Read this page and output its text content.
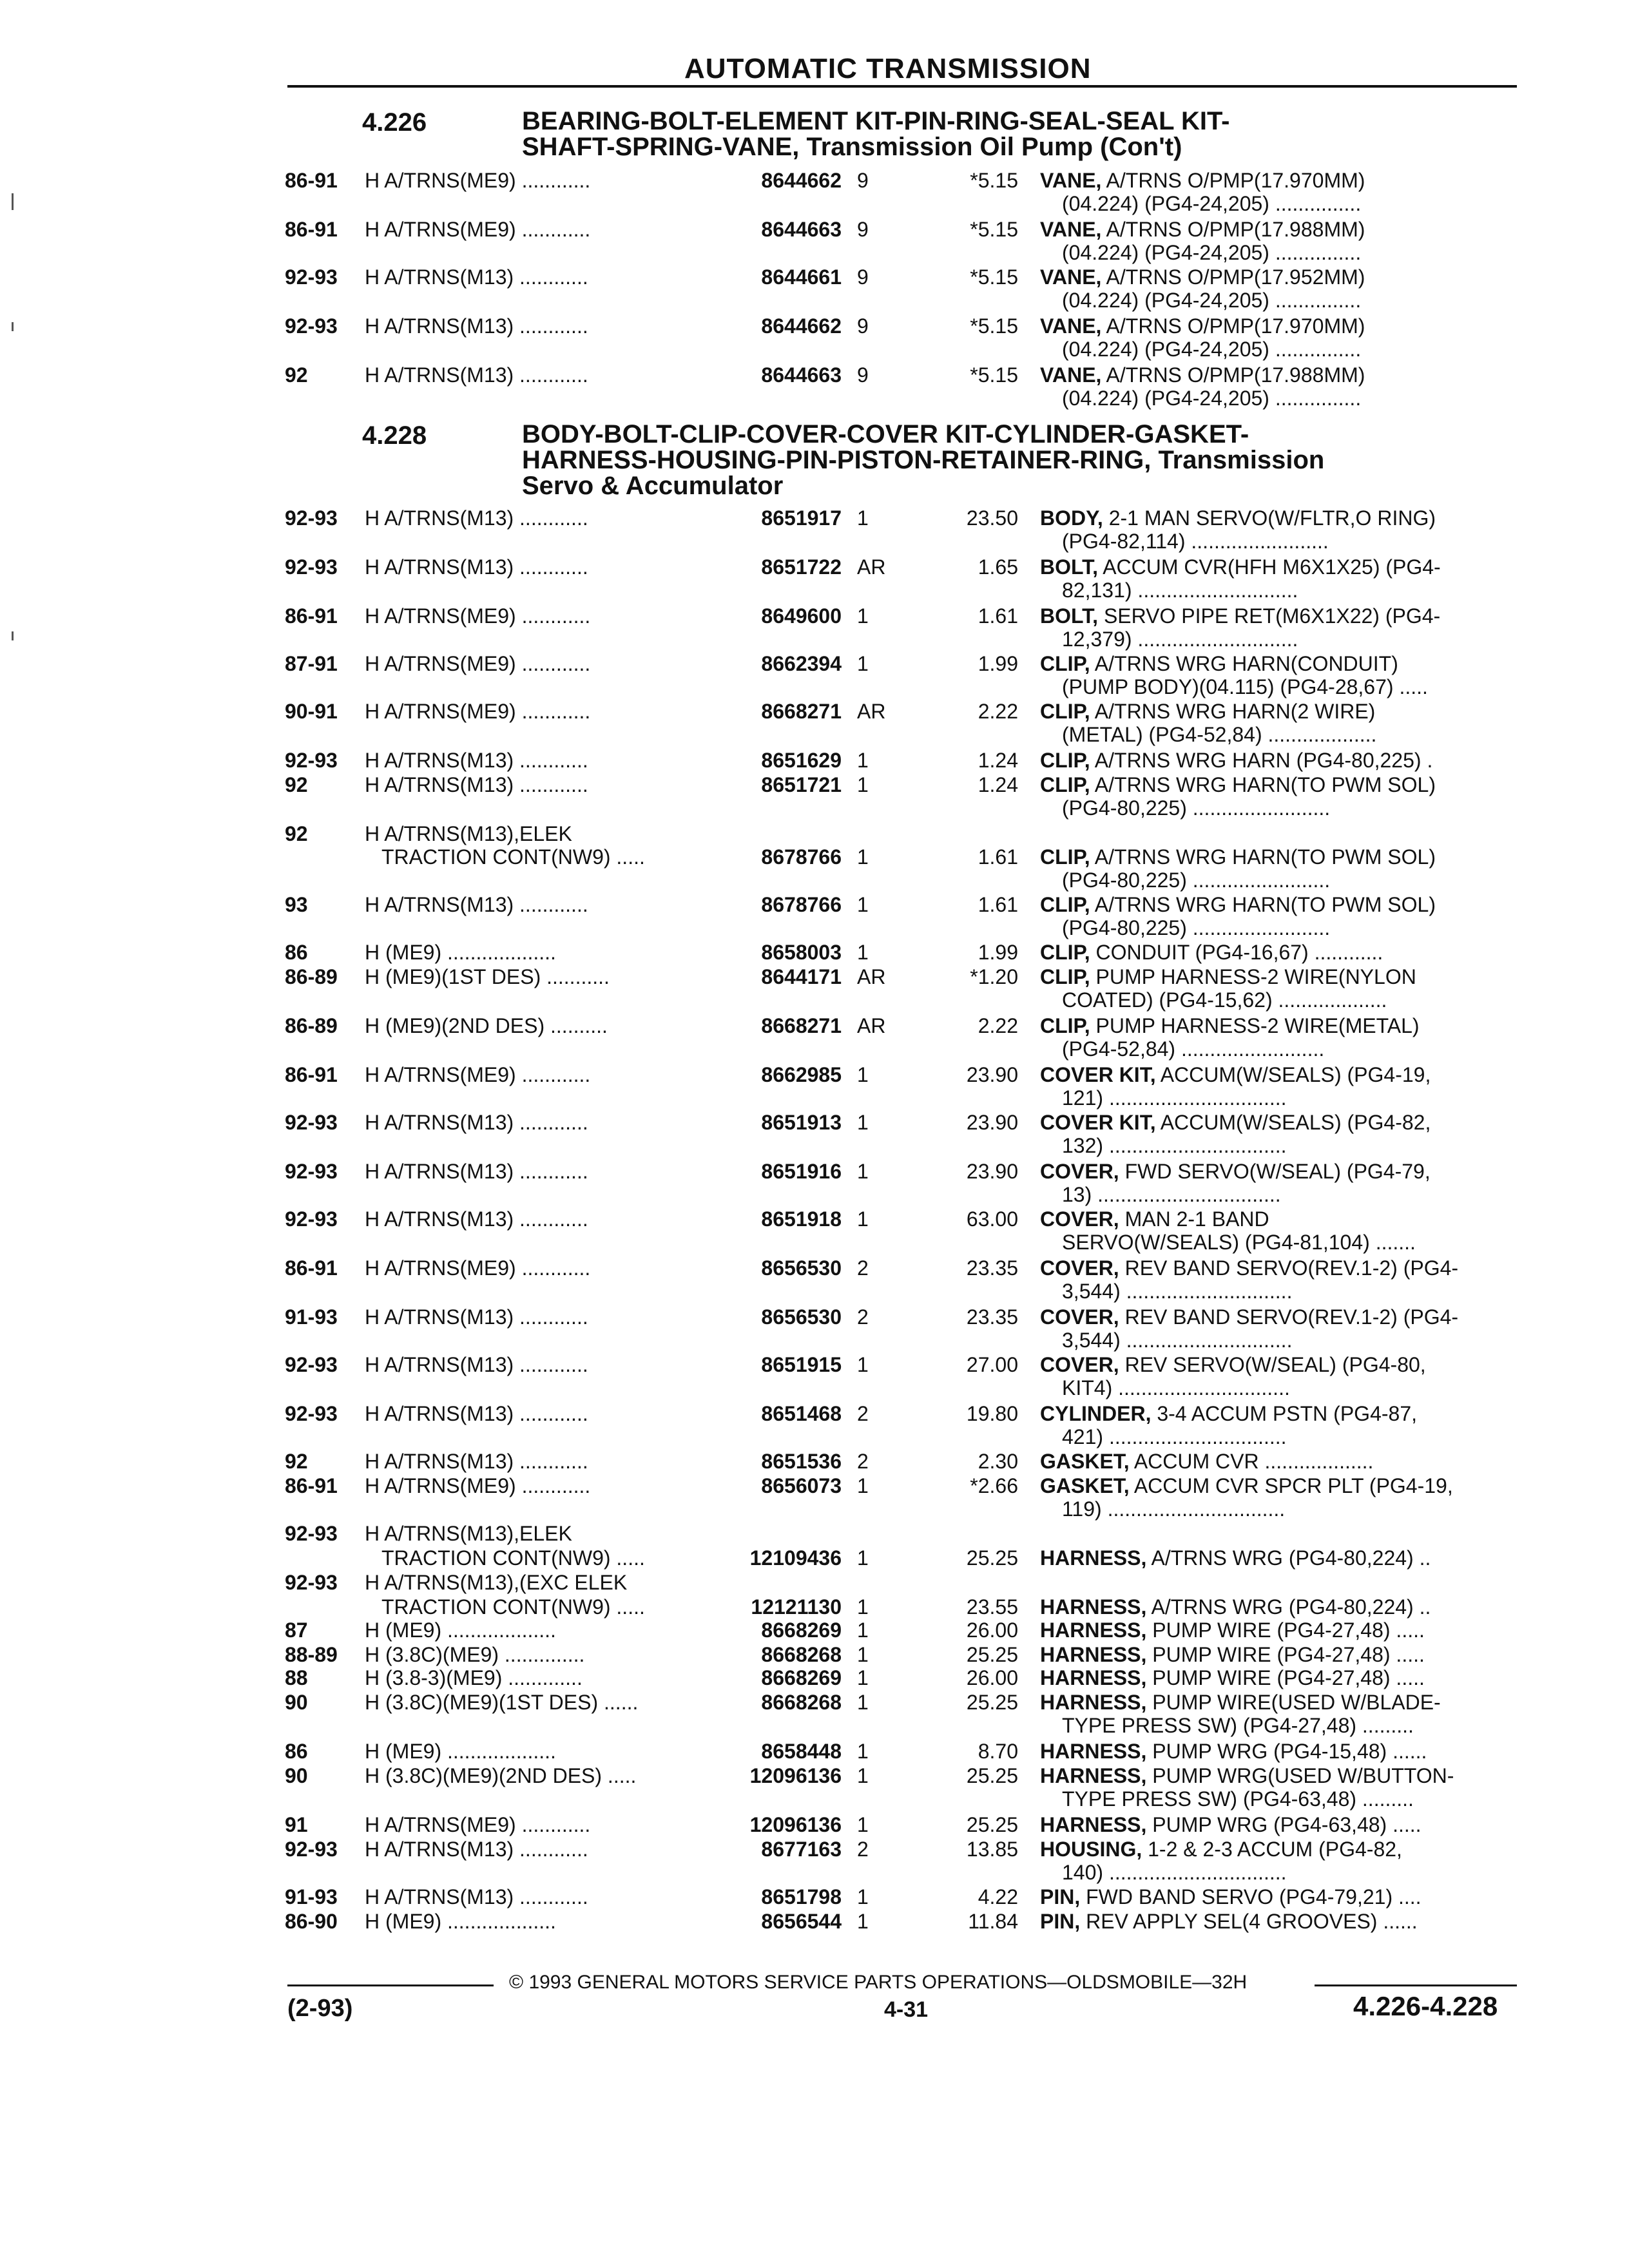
AUTOMATIC TRANSMISSION
4.226	BEARING-BOLT-ELEMENT KIT-PIN-RING-SEAL-SEAL KIT-
SHAFT-SPRING-VANE, Transmission Oil Pump (Con't)
4.228	BODY-BOLT-CLIP-COVER-COVER KIT-CYLINDER-GASKET-
HARNESS-HOUSING-PIN-PISTON-RETAINER-RING, Transmission
Servo & Accumulator
86-91 H A/TRNS(ME9) ............	8644662 9	*5.15 VANE, A/TRNS O/PMP(17.970MM)
(04.224) (PG4-24,205) ...............
86-91 H A/TRNS(ME9) ............	8644663 9	*5.15 VANE, A/TRNS O/PMP(17.988MM)
(04.224) (PG4-24,205) ...............
92-93 H A/TRNS(M13) ............	8644661 9	*5.15 VANE, A/TRNS O/PMP(17.952MM)
(04.224) (PG4-24,205) ...............
92-93 H A/TRNS(M13) ............	8644662 9	*5.15 VANE, A/TRNS O/PMP(17.970MM)
(04.224) (PG4-24,205) ...............
92	H A/TRNS(M13) ............	8644663 9	*5.15 VANE, A/TRNS O/PMP(17.988MM)
(04.224) (PG4-24,205) ...............
92-93 H A/TRNS(M13) ............	8651917 1	23.50 BODY, 2-1 MAN SERVO(W/FLTR,O RING)
(PG4-82,114) ........................
92-93 H A/TRNS(M13) ............	8651722 AR	1.65 BOLT, ACCUM CVR(HFH M6X1X25) (PG4-
82,131) ............................
86-91 H A/TRNS(ME9) ............	8649600 1	1.61 BOLT, SERVO PIPE RET(M6X1X22) (PG4-
12,379) ............................
87-91 H A/TRNS(ME9) ............	8662394 1	1.99 CLIP, A/TRNS WRG HARN(CONDUIT)
(PUMP BODY)(04.115) (PG4-28,67) .....
90-91 H A/TRNS(ME9) ............	8668271 AR	2.22 CLIP, A/TRNS WRG HARN(2 WIRE)
(METAL) (PG4-52,84) ...................
92-93 H A/TRNS(M13) ............	8651629 1	1.24 CLIP, A/TRNS WRG HARN (PG4-80,225) .
92	H A/TRNS(M13) ............	8651721 1	1.24 CLIP, A/TRNS WRG HARN(TO PWM SOL)
(PG4-80,225) ........................
92	H A/TRNS(M13),ELEK
TRACTION CONT(NW9) .....	8678766 1	1.61 CLIP, A/TRNS WRG HARN(TO PWM SOL)
(PG4-80,225) ........................
93	H A/TRNS(M13) ............	8678766 1	1.61 CLIP, A/TRNS WRG HARN(TO PWM SOL)
(PG4-80,225) ........................
86	H (ME9) ...................	8658003 1	1.99 CLIP, CONDUIT (PG4-16,67) ............
86-89 H (ME9)(1ST DES) ...........	8644171 AR	*1.20 CLIP, PUMP HARNESS-2 WIRE(NYLON
COATED) (PG4-15,62) ...................
86-89 H (ME9)(2ND DES) ..........	8668271 AR	2.22 CLIP, PUMP HARNESS-2 WIRE(METAL)
(PG4-52,84) .........................
86-91 H A/TRNS(ME9) ............	8662985 1	23.90 COVER KIT, ACCUM(W/SEALS) (PG4-19,
121) ...............................
92-93 H A/TRNS(M13) ............	8651913 1	23.90 COVER KIT, ACCUM(W/SEALS) (PG4-82,
132) ...............................
92-93 H A/TRNS(M13) ............	8651916 1	23.90 COVER, FWD SERVO(W/SEAL) (PG4-79,
13) ................................
92-93 H A/TRNS(M13) ............	8651918 1	63.00 COVER, MAN 2-1 BAND
SERVO(W/SEALS) (PG4-81,104) .......
86-91 H A/TRNS(ME9) ............	8656530 2	23.35 COVER, REV BAND SERVO(REV.1-2) (PG4-
3,544) .............................
91-93 H A/TRNS(M13) ............	8656530 2	23.35 COVER, REV BAND SERVO(REV.1-2) (PG4-
3,544) .............................
92-93 H A/TRNS(M13) ............	8651915 1	27.00 COVER, REV SERVO(W/SEAL) (PG4-80,
KIT4) ..............................
92-93 H A/TRNS(M13) ............	8651468 2	19.80 CYLINDER, 3-4 ACCUM PSTN (PG4-87,
421) ...............................
92	H A/TRNS(M13) ............	8651536 2	2.30 GASKET, ACCUM CVR ...................
86-91 H A/TRNS(ME9) ............	8656073 1	*2.66 GASKET, ACCUM CVR SPCR PLT (PG4-19,
119) ...............................
92-93 H A/TRNS(M13),ELEK
TRACTION CONT(NW9) .....	12109436 1	25.25 HARNESS, A/TRNS WRG (PG4-80,224) ..
92-93 H A/TRNS(M13),(EXC ELEK
TRACTION CONT(NW9) .....	12121130 1	23.55 HARNESS, A/TRNS WRG (PG4-80,224) ..
87	H (ME9) ...................	8668269 1	26.00 HARNESS, PUMP WIRE (PG4-27,48) .....
88-89 H (3.8C)(ME9) ..............	8668268 1	25.25 HARNESS, PUMP WIRE (PG4-27,48) .....
88	H (3.8-3)(ME9) .............	8668269 1	26.00 HARNESS, PUMP WIRE (PG4-27,48) .....
90	H (3.8C)(ME9)(1ST DES) ......	8668268 1	25.25 HARNESS, PUMP WIRE(USED W/BLADE-
TYPE PRESS SW) (PG4-27,48) .........
86	H (ME9) ...................	8658448 1	8.70 HARNESS, PUMP WRG (PG4-15,48) ......
90	H (3.8C)(ME9)(2ND DES) .....	12096136 1	25.25 HARNESS, PUMP WRG(USED W/BUTTON-
TYPE PRESS SW) (PG4-63,48) .........
91	H A/TRNS(ME9) ............	12096136 1	25.25 HARNESS, PUMP WRG (PG4-63,48) .....
92-93 H A/TRNS(M13) ............	8677163 2	13.85 HOUSING, 1-2 & 2-3 ACCUM (PG4-82,
140) ...............................
91-93 H A/TRNS(M13) ............	8651798 1	4.22 PIN, FWD BAND SERVO (PG4-79,21) ....
86-90 H (ME9) ...................	8656544 1	11.84 PIN, REV APPLY SEL(4 GROOVES) ......
© 1993 GENERAL MOTORS SERVICE PARTS OPERATIONS—OLDSMOBILE—32H
(2-93)	4-31	4.226-4.228
